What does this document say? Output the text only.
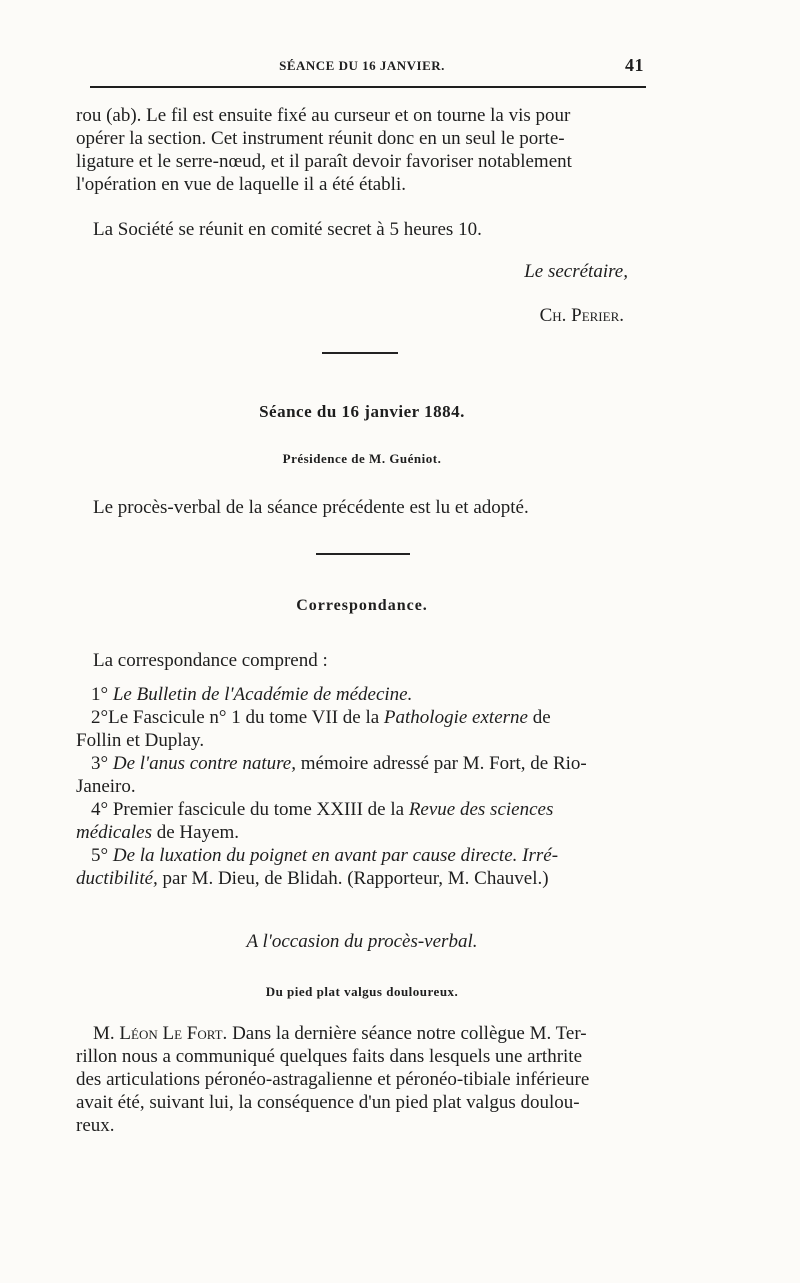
SÉANCE DU 16 JANVIER.	41
rou (ab). Le fil est ensuite fixé au curseur et on tourne la vis pour
opérer la section. Cet instrument réunit donc en un seul le porte-
ligature et le serre-nœud, et il paraît devoir favoriser notablement
l'opération en vue de laquelle il a été établi.
La Société se réunit en comité secret à 5 heures 10.
Le secrétaire,
Ch. Perier.
Séance du 16 janvier 1884.
Présidence de M. Guéniot.
Le procès-verbal de la séance précédente est lu et adopté.
Correspondance.
La correspondance comprend :
1° Le Bulletin de l'Académie de médecine.
2°Le Fascicule n° 1 du tome VII de la Pathologie externe de
Follin et Duplay.
3° De l'anus contre nature, mémoire adressé par M. Fort, de Rio-
Janeiro.
4° Premier fascicule du tome XXIII de la Revue des sciences
médicales de Hayem.
5° De la luxation du poignet en avant par cause directe. Irré-
ductibilité, par M. Dieu, de Blidah. (Rapporteur, M. Chauvel.)
A l'occasion du procès-verbal.
Du pied plat valgus douloureux.
M. Léon Le Fort. Dans la dernière séance notre collègue M. Ter-
rillon nous a communiqué quelques faits dans lesquels une arthrite
des articulations péronéo-astragalienne et péronéo-tibiale inférieure
avait été, suivant lui, la conséquence d'un pied plat valgus doulou-
reux.
